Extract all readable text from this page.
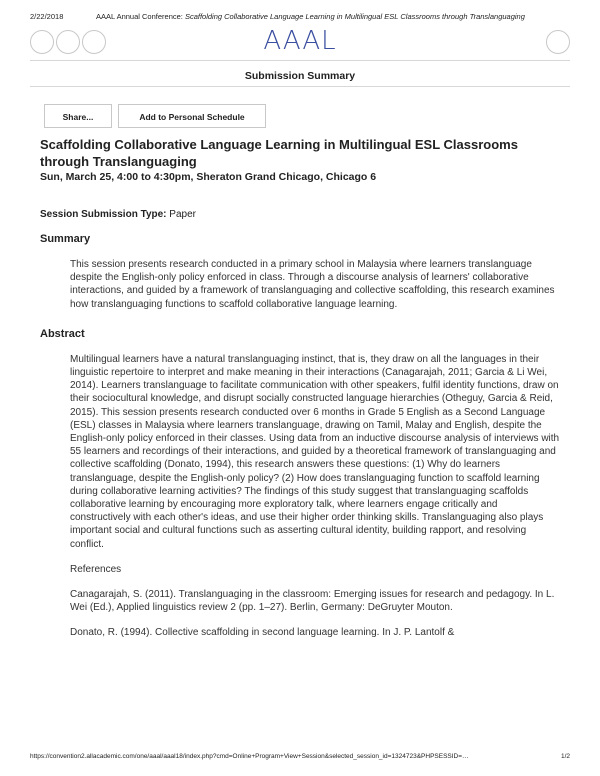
2/22/2018	AAAL Annual Conference: Scaffolding Collaborative Language Learning in Multilingual ESL Classrooms through Translanguaging
AAAL
Submission Summary
Share...	Add to Personal Schedule
Scaffolding Collaborative Language Learning in Multilingual ESL Classrooms through Translanguaging

Sun, March 25, 4:00 to 4:30pm, Sheraton Grand Chicago, Chicago 6

Session Submission Type: Paper
Summary
This session presents research conducted in a primary school in Malaysia where learners translanguage despite the English-only policy enforced in class. Through a discourse analysis of learners' collaborative interactions, and guided by a framework of translanguaging and collective scaffolding, this research examines how translanguaging functions to scaffold collaborative language learning.
Abstract
Multilingual learners have a natural translanguaging instinct, that is, they draw on all the languages in their linguistic repertoire to interpret and make meaning in their interactions (Canagarajah, 2011; Garcia & Li Wei, 2014). Learners translanguage to facilitate communication with other speakers, fulfil identity functions, draw on their sociocultural knowledge, and disrupt socially constructed language hierarchies (Otheguy, Garcia & Reid, 2015). This session presents research conducted over 6 months in Grade 5 English as a Second Language (ESL) classes in Malaysia where learners translanguage, drawing on Tamil, Malay and English, despite the English-only policy enforced in their classes. Using data from an inductive discourse analysis of interviews with 55 learners and recordings of their interactions, and guided by a theoretical framework of translanguaging and collective scaffolding (Donato, 1994), this research answers these questions: (1) Why do learners translanguage, despite the English-only policy? (2) How does translanguaging function to scaffold learning during collaborative learning activities? The findings of this study suggest that translanguaging scaffolds collaborative learning by encouraging more exploratory talk, where learners engage critically and constructively with each other's ideas, and use their higher order thinking skills. Translanguaging also plays important social and cultural functions such as asserting cultural identity, building rapport, and resolving conflict.
References
Canagarajah, S. (2011). Translanguaging in the classroom: Emerging issues for research and pedagogy. In L. Wei (Ed.), Applied linguistics review 2 (pp. 1–27). Berlin, Germany: DeGruyter Mouton.
Donato, R. (1994). Collective scaffolding in second language learning. In J. P. Lantolf &
https://convention2.allacademic.com/one/aaal/aaal18/index.php?cmd=Online+Program+View+Session&selected_session_id=1324723&PHPSESSID=…	1/2
